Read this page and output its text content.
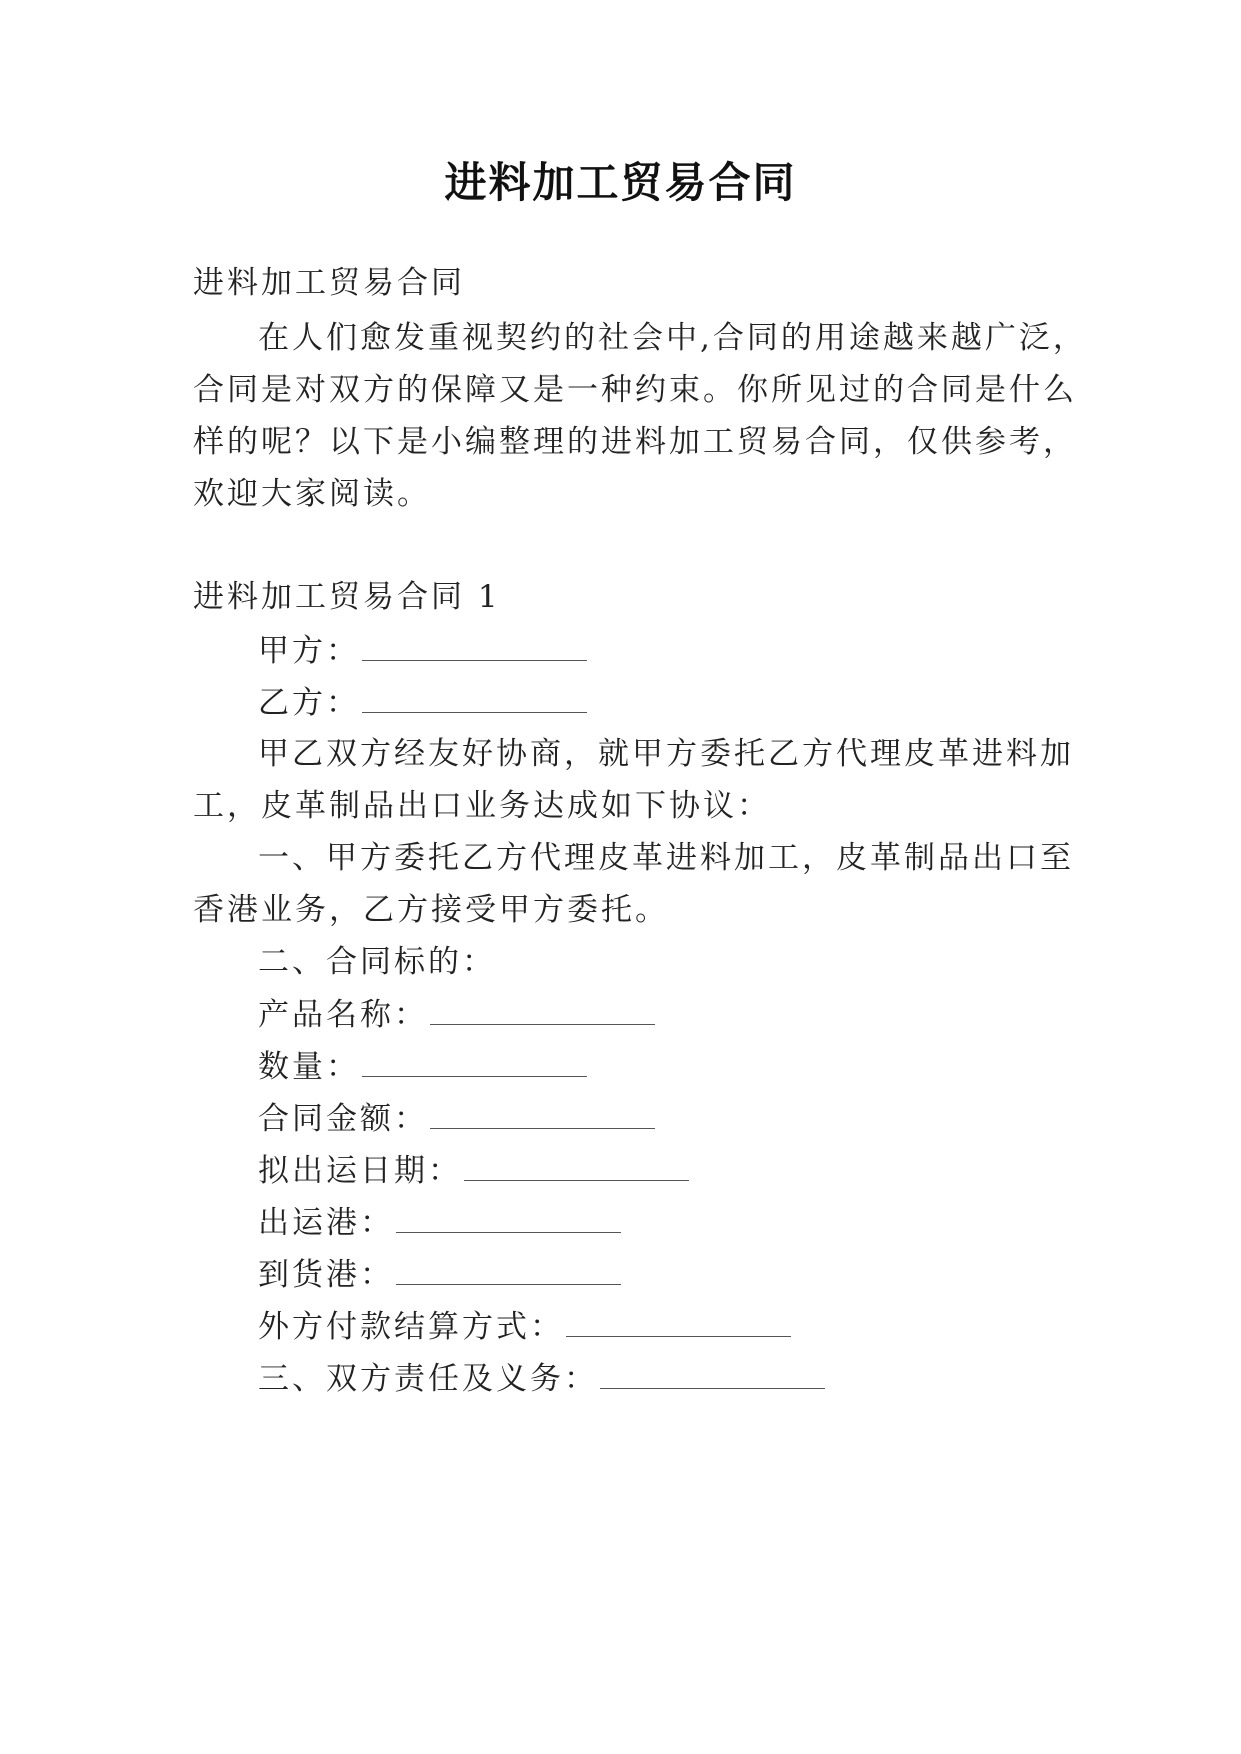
进料加工贸易合同
进料加工贸易合同
在人们愈发重视契约的社会中,合同的用途越来越广泛，
合同是对双方的保障又是一种约束。你所见过的合同是什么
样的呢？以下是小编整理的进料加工贸易合同，仅供参考，
欢迎大家阅读。
进料加工贸易合同 1
甲方：
乙方：
甲乙双方经友好协商，就甲方委托乙方代理皮革进料加
工，皮革制品出口业务达成如下协议：
一、甲方委托乙方代理皮革进料加工，皮革制品出口至
香港业务，乙方接受甲方委托。
二、合同标的：
产品名称：
数量：
合同金额：
拟出运日期：
出运港：
到货港：
外方付款结算方式：
三、双方责任及义务：
